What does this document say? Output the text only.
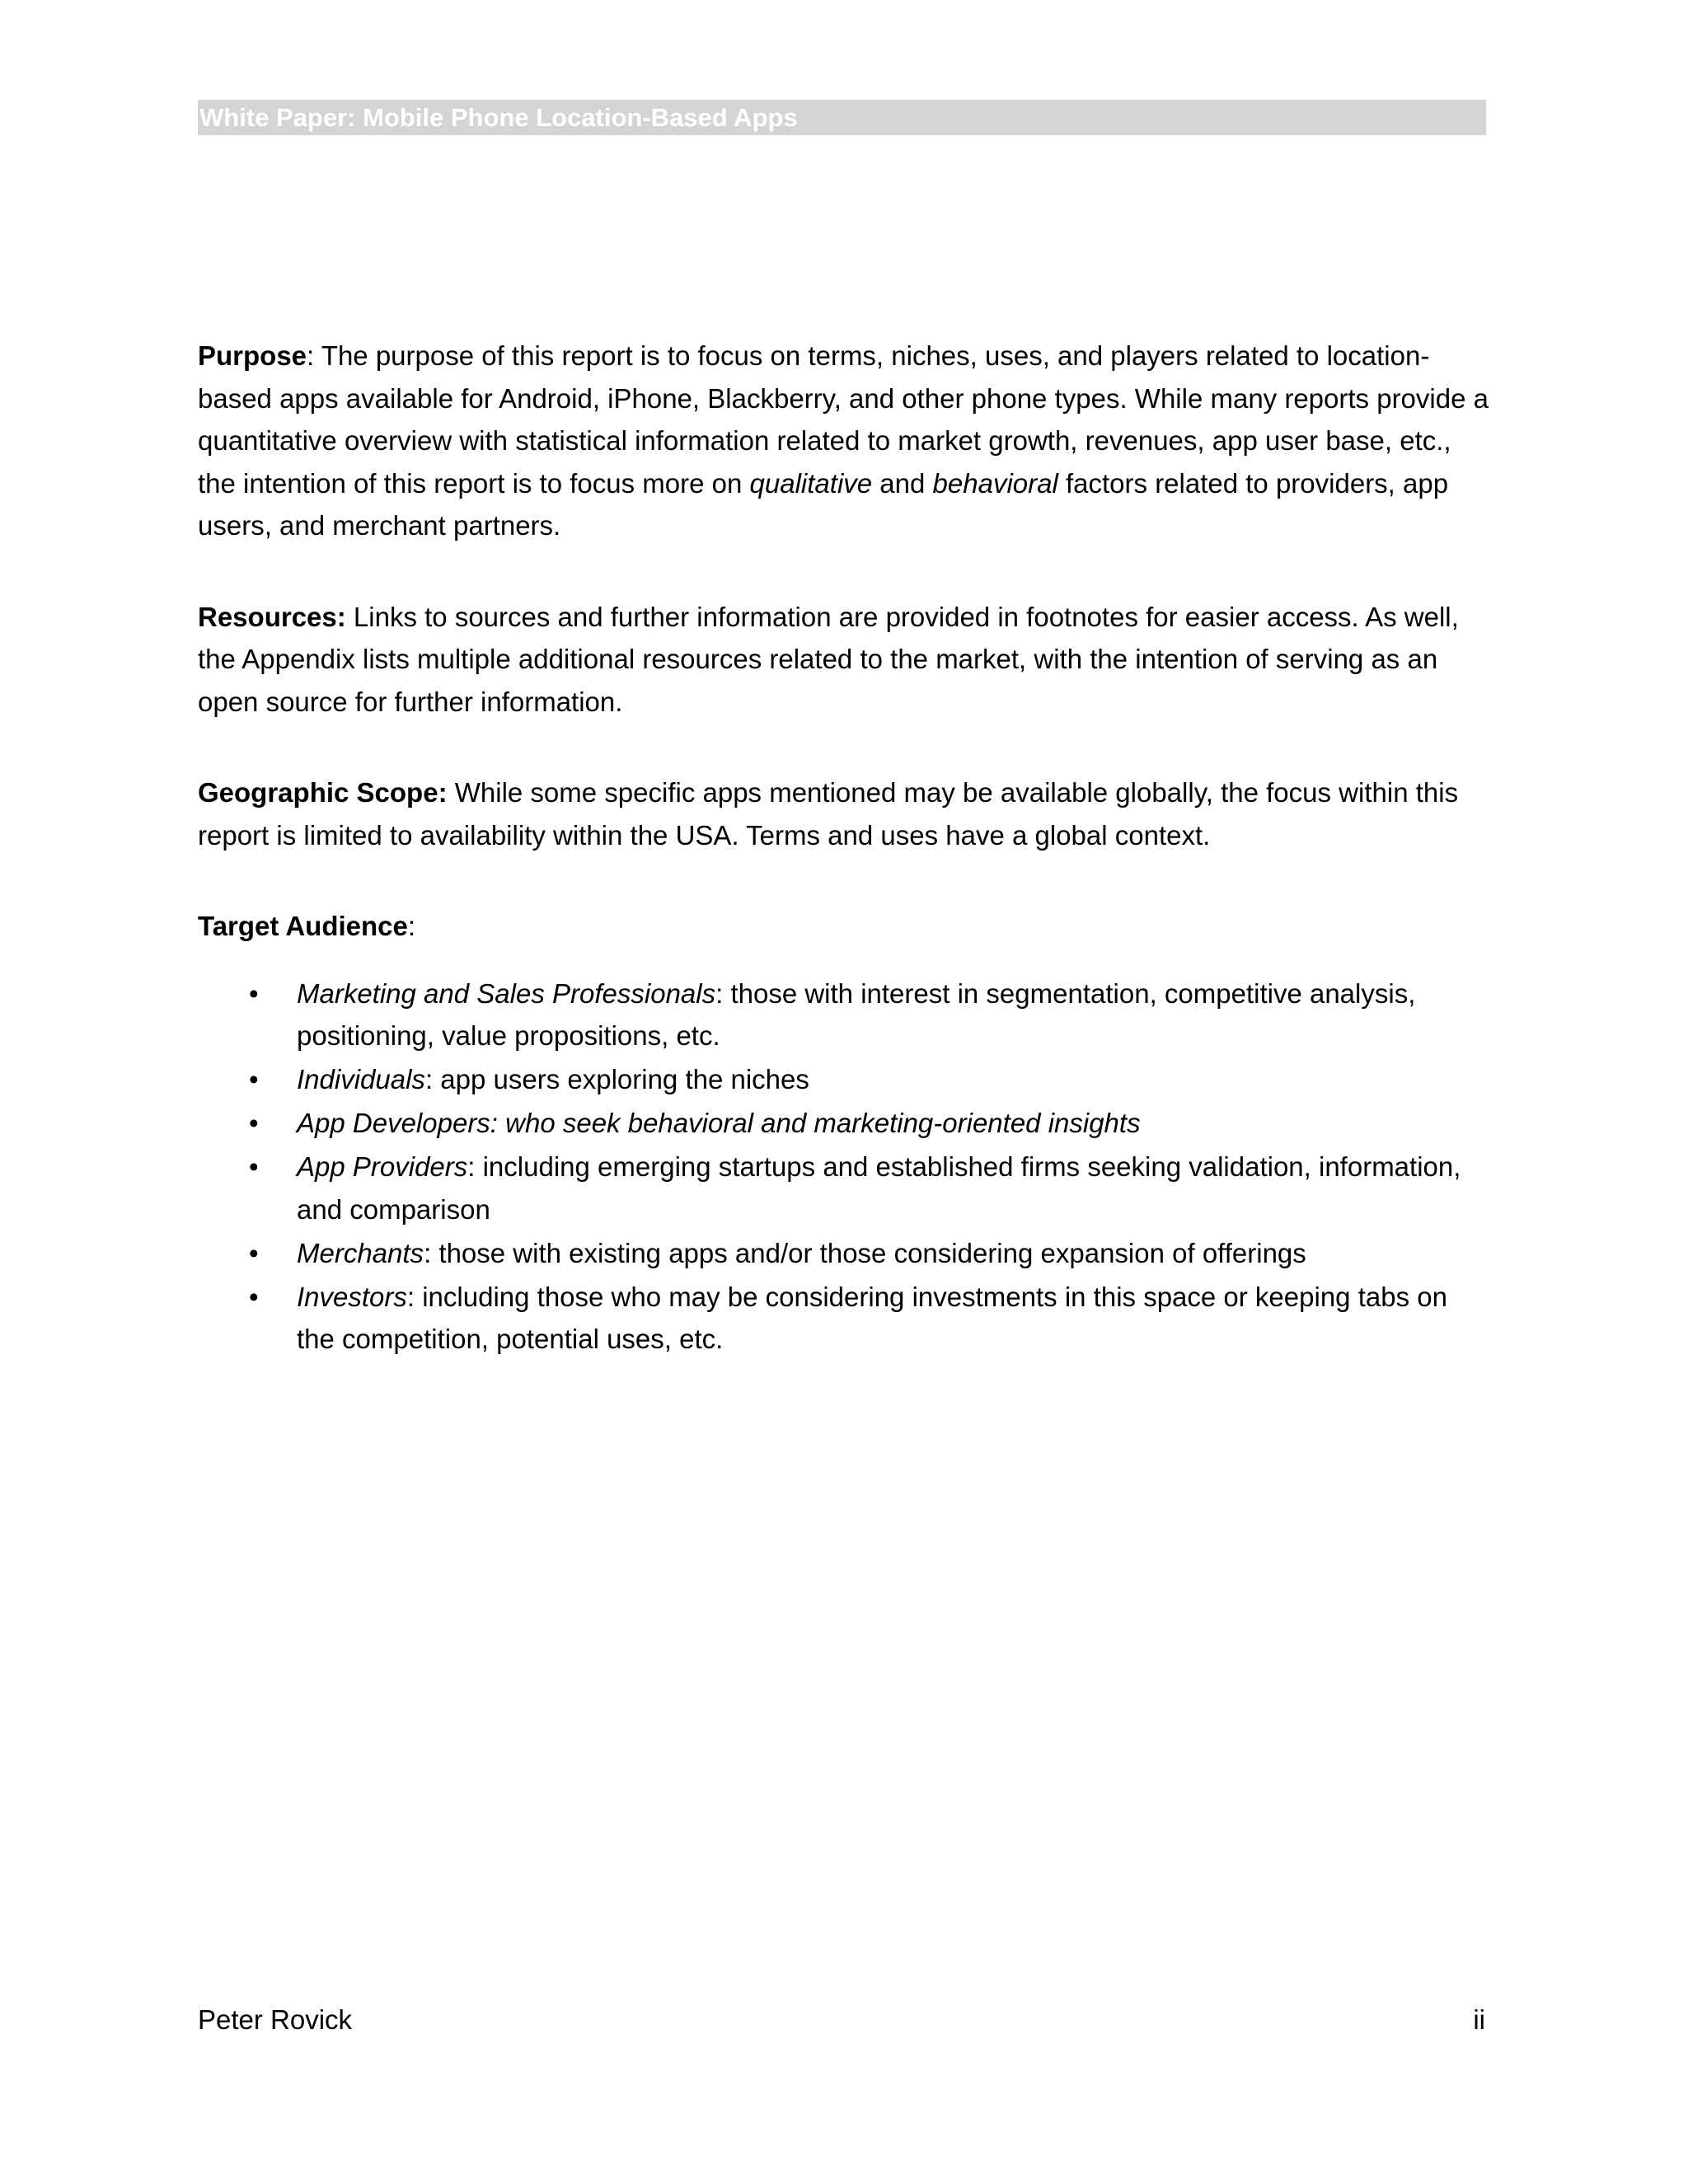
White Paper: Mobile Phone Location-Based Apps

Purpose: The purpose of this report is to focus on terms, niches, uses, and players related to location-based apps available for Android, iPhone, Blackberry, and other phone types. While many reports provide a quantitative overview with statistical information related to market growth, revenues, app user base, etc., the intention of this report is to focus more on qualitative and behavioral factors related to providers, app users, and merchant partners.

Resources: Links to sources and further information are provided in footnotes for easier access. As well, the Appendix lists multiple additional resources related to the market, with the intention of serving as an open source for further information.

Geographic Scope: While some specific apps mentioned may be available globally, the focus within this report is limited to availability within the USA. Terms and uses have a global context.

Target Audience:

• Marketing and Sales Professionals: those with interest in segmentation, competitive analysis, positioning, value propositions, etc.
• Individuals: app users exploring the niches
• App Developers: who seek behavioral and marketing-oriented insights
• App Providers: including emerging startups and established firms seeking validation, information, and comparison
• Merchants: those with existing apps and/or those considering expansion of offerings
• Investors: including those who may be considering investments in this space or keeping tabs on the competition, potential uses, etc.
Peter Rovick	ii
